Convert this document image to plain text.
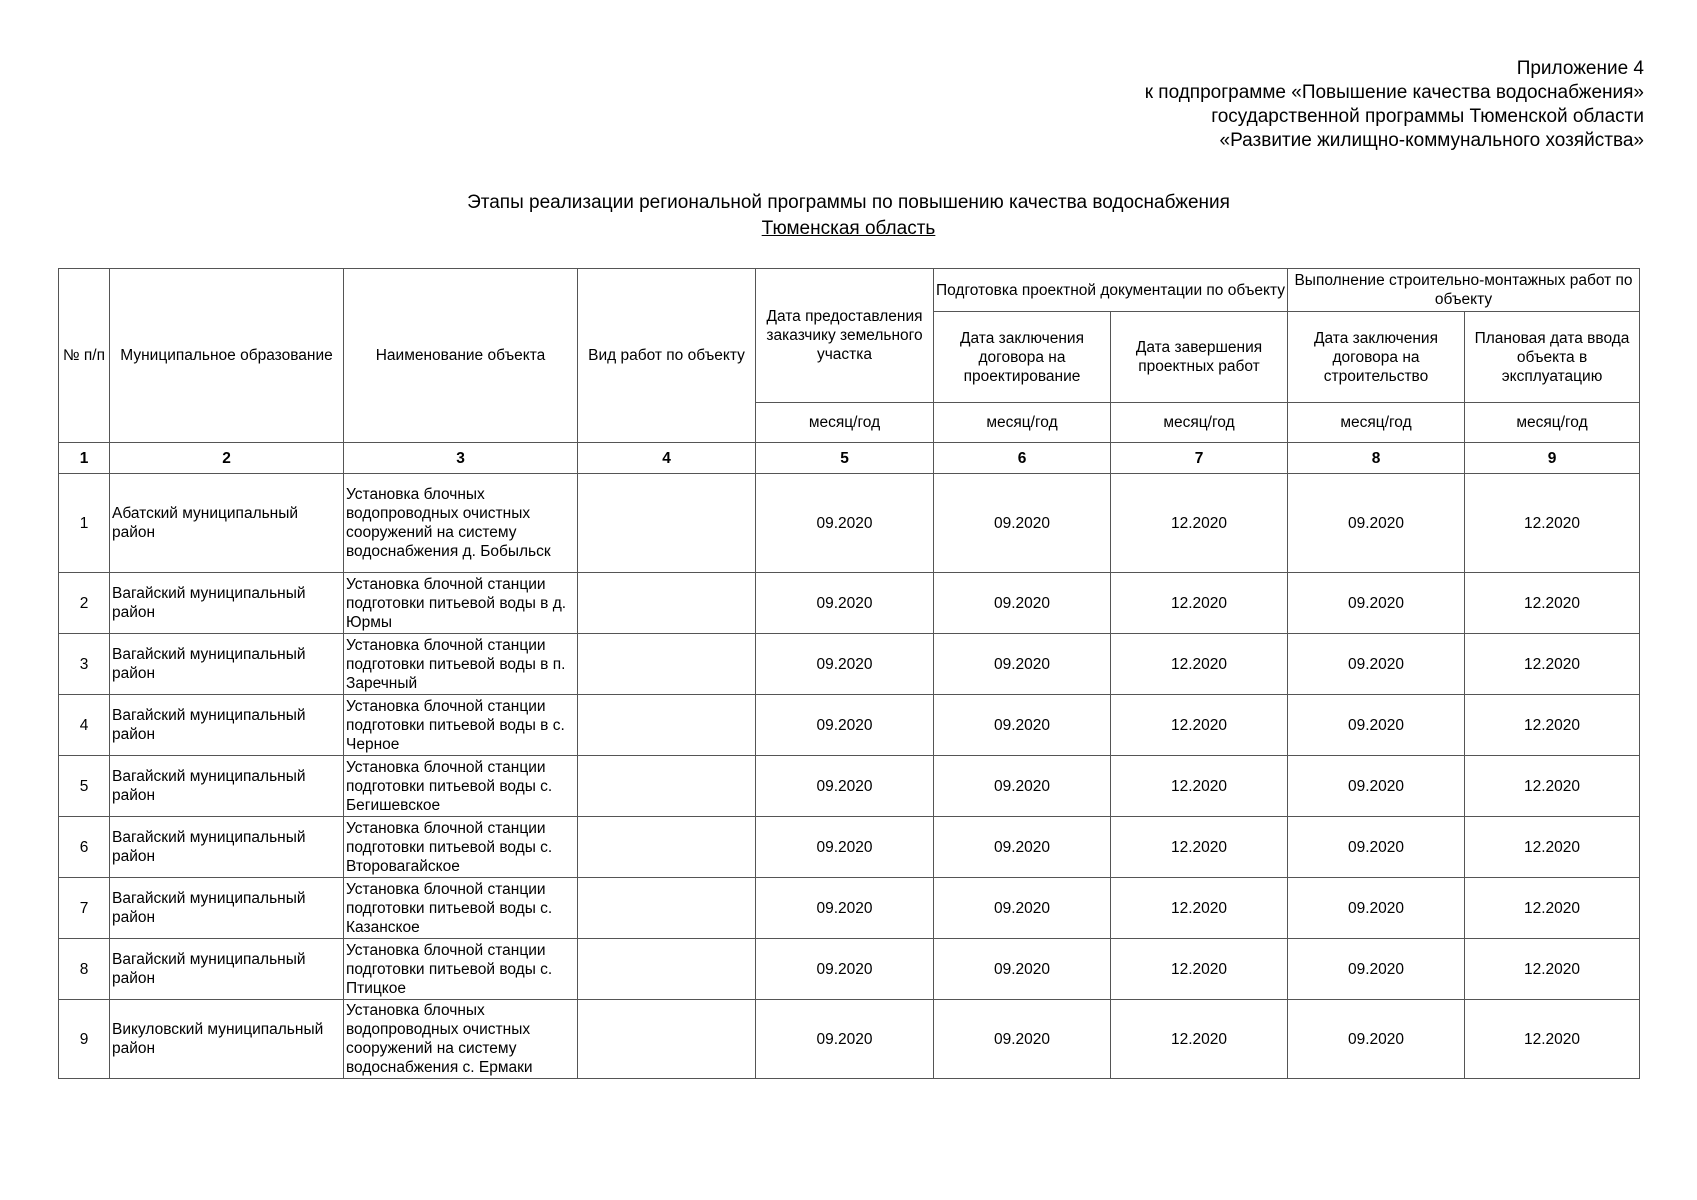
Приложение 4
к подпрограмме «Повышение качества водоснабжения»
государственной программы Тюменской области
«Развитие жилищно-коммунального хозяйства»
Этапы реализации региональной программы по повышению качества водоснабжения
Тюменская область
№ п/п	Муниципальное образование	Наименование объекта	Вид работ по объекту	Дата предоставления заказчику земельного участка	Подготовка проектной документации по объекту		Выполнение строительно-монтажных работ по объекту	
					Дата заключения договора на проектирование	Дата завершения проектных работ	Дата заключения договора на строительство	Плановая дата ввода объекта в эксплуатацию
				месяц/год	месяц/год	месяц/год	месяц/год	месяц/год
1	2	3	4	5	6	7	8	9
1	Абатский муниципальный район	Установка блочных водопроводных очистных сооружений на систему водоснабжения д. Бобыльск		09.2020	09.2020	12.2020	09.2020	12.2020
2	Вагайский муниципальный район	Установка блочной станции подготовки питьевой воды в д. Юрмы		09.2020	09.2020	12.2020	09.2020	12.2020
3	Вагайский муниципальный район	Установка блочной станции подготовки питьевой воды в п. Заречный		09.2020	09.2020	12.2020	09.2020	12.2020
4	Вагайский муниципальный район	Установка блочной станции подготовки питьевой воды в с. Черное		09.2020	09.2020	12.2020	09.2020	12.2020
5	Вагайский муниципальный район	Установка блочной станции подготовки питьевой воды с. Бегишевское		09.2020	09.2020	12.2020	09.2020	12.2020
6	Вагайский муниципальный район	Установка блочной станции подготовки питьевой воды с. Второвагайское		09.2020	09.2020	12.2020	09.2020	12.2020
7	Вагайский муниципальный район	Установка блочной станции подготовки питьевой воды с. Казанское		09.2020	09.2020	12.2020	09.2020	12.2020
8	Вагайский муниципальный район	Установка блочной станции подготовки питьевой воды с. Птицкое		09.2020	09.2020	12.2020	09.2020	12.2020
9	Викуловский муниципальный район	Установка блочных водопроводных очистных сооружений на систему водоснабжения с. Ермаки		09.2020	09.2020	12.2020	09.2020	12.2020
